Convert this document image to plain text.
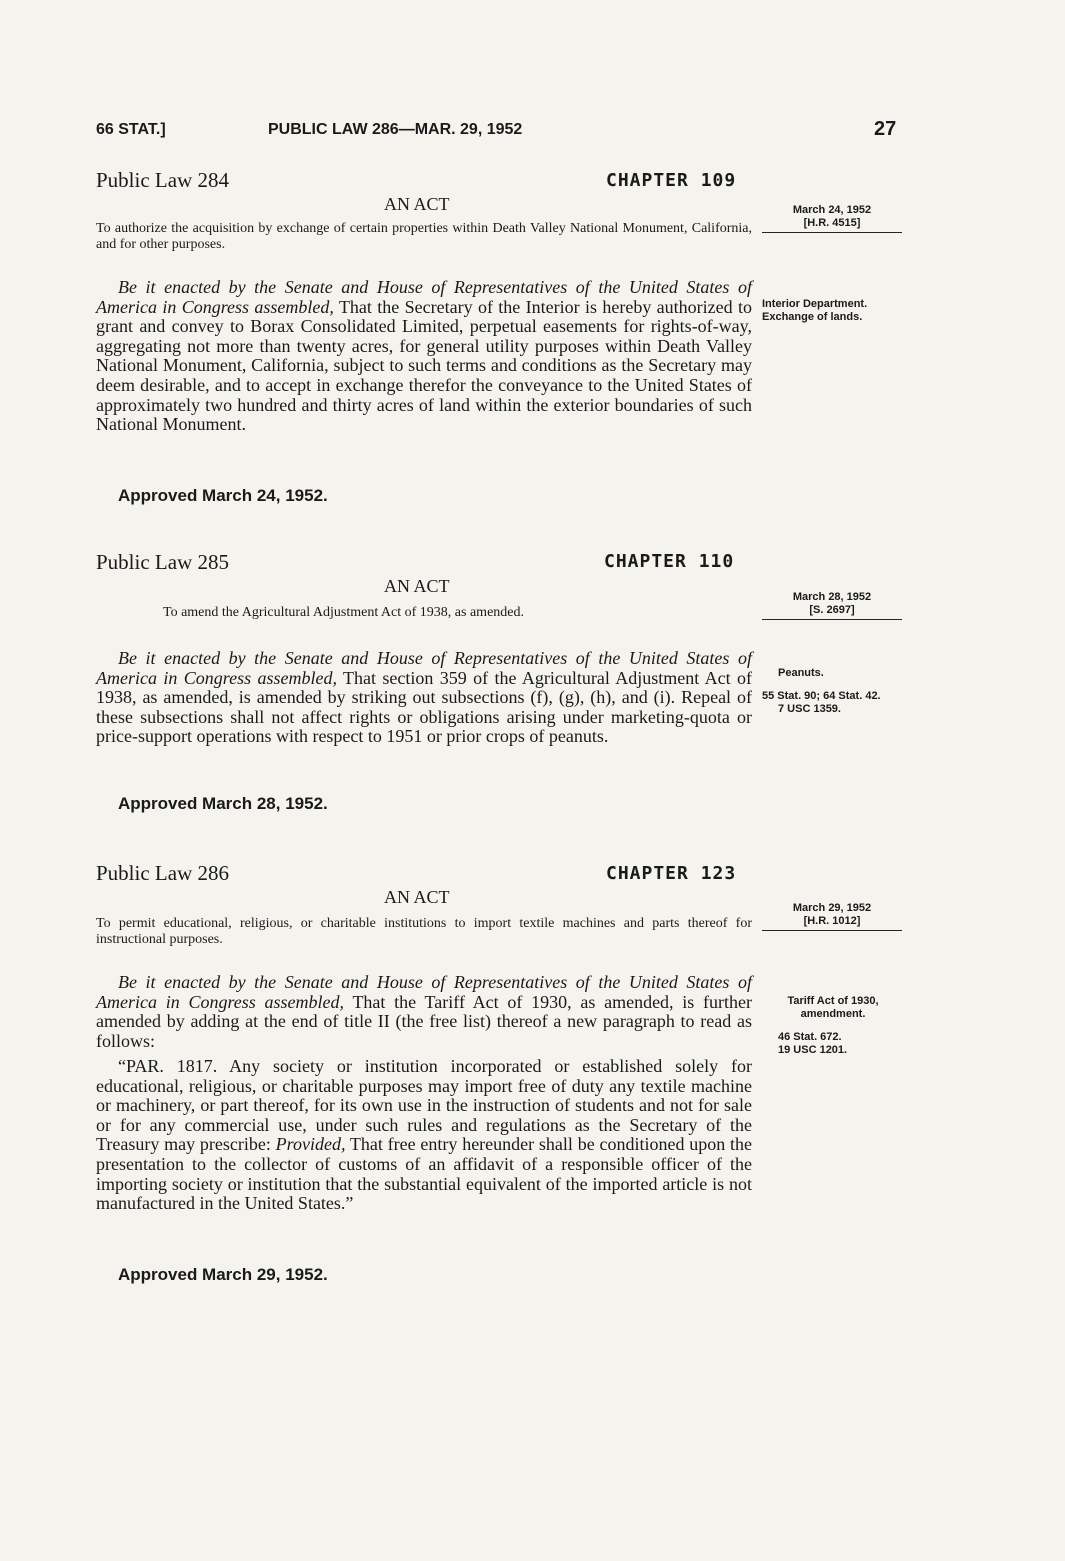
66 STAT.]	PUBLIC LAW 286—MAR. 29, 1952	27
Public Law 284	CHAPTER 109
AN ACT
To authorize the acquisition by exchange of certain properties within Death Valley National Monument, California, and for other purposes.
March 24, 1952
[H.R. 4515]
Be it enacted by the Senate and House of Representatives of the United States of America in Congress assembled, That the Secretary of the Interior is hereby authorized to grant and convey to Borax Consolidated Limited, perpetual easements for rights-of-way, aggregating not more than twenty acres, for general utility purposes within Death Valley National Monument, California, subject to such terms and conditions as the Secretary may deem desirable, and to accept in exchange therefor the conveyance to the United States of approximately two hundred and thirty acres of land within the exterior boundaries of such National Monument.
Approved March 24, 1952.
Interior Department.
Exchange of lands.
Public Law 285	CHAPTER 110
AN ACT
To amend the Agricultural Adjustment Act of 1938, as amended.
March 28, 1952
[S. 2697]
Be it enacted by the Senate and House of Representatives of the United States of America in Congress assembled, That section 359 of the Agricultural Adjustment Act of 1938, as amended, is amended by striking out subsections (f), (g), (h), and (i). Repeal of these subsections shall not affect rights or obligations arising under marketing-quota or price-support operations with respect to 1951 or prior crops of peanuts.
Approved March 28, 1952.
Peanuts.
55 Stat. 90; 64 Stat. 42.
7 USC 1359.
Public Law 286	CHAPTER 123
AN ACT
To permit educational, religious, or charitable institutions to import textile machines and parts thereof for instructional purposes.
March 29, 1952
[H.R. 1012]
Be it enacted by the Senate and House of Representatives of the United States of America in Congress assembled, That the Tariff Act of 1930, as amended, is further amended by adding at the end of title II (the free list) thereof a new paragraph to read as follows:
“PAR. 1817. Any society or institution incorporated or established solely for educational, religious, or charitable purposes may import free of duty any textile machine or machinery, or part thereof, for its own use in the instruction of students and not for sale or for any commercial use, under such rules and regulations as the Secretary of the Treasury may prescribe: Provided, That free entry hereunder shall be conditioned upon the presentation to the collector of customs of an affidavit of a responsible officer of the importing society or institution that the substantial equivalent of the imported article is not manufactured in the United States.”
Approved March 29, 1952.
Tariff Act of 1930, amendment.
46 Stat. 672.
19 USC 1201.
